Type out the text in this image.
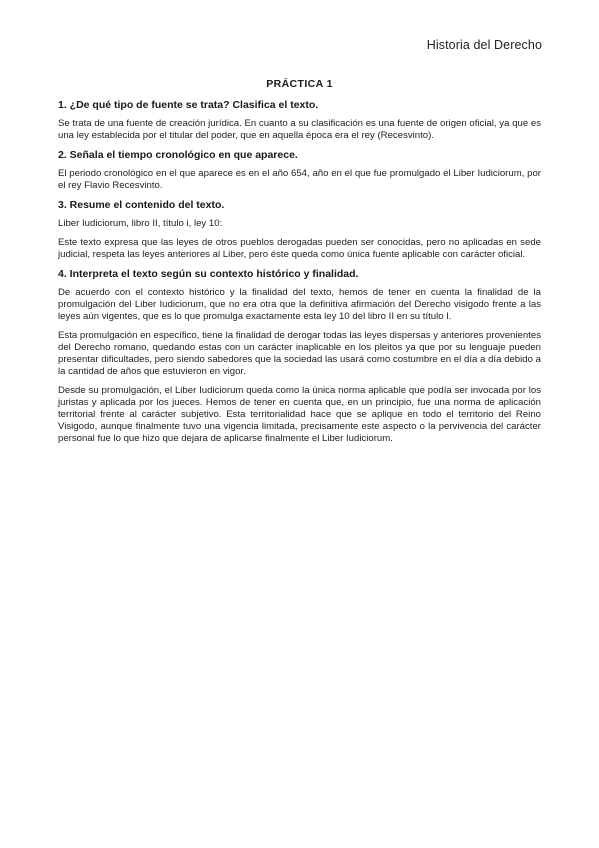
Historia del Derecho
PRÁCTICA 1
1. ¿De qué tipo de fuente se trata? Clasifica el texto.
Se trata de una fuente de creación jurídica. En cuanto a su clasificación es una fuente de origen oficial, ya que es una ley establecida por el titular del poder, que en aquella época era el rey (Recesvinto).
2. Señala el tiempo cronológico en que aparece.
El periodo cronológico en el que aparece es en el año 654, año en el que fue promulgado el Liber Iudiciorum, por el rey Flavio Recesvinto.
3. Resume el contenido del texto.
Liber Iudiciorum, libro II, título i, ley 10:
Este texto expresa que las leyes de otros pueblos derogadas pueden ser conocidas, pero no aplicadas en sede judicial, respeta las leyes anteriores al Liber, pero éste queda como única fuente aplicable con carácter oficial.
4. Interpreta el texto según su contexto histórico y finalidad.
De acuerdo con el contexto histórico y la finalidad del texto, hemos de tener en cuenta la finalidad de la promulgación del Liber Iudiciorum, que no era otra que la definitiva afirmación del Derecho visigodo frente a las leyes aún vigentes, que es lo que promulga exactamente esta ley 10 del libro II en su título I.
Esta promulgación en específico, tiene la finalidad de derogar todas las leyes dispersas y anteriores provenientes del Derecho romano, quedando estas con un carácter inaplicable en los pleitos ya que por su lenguaje pueden presentar dificultades, pero siendo sabedores que la sociedad las usará como costumbre en el día a día debido a la cantidad de años que estuvieron en vigor.
Desde su promulgación, el Liber Iudiciorum queda como la única norma aplicable que podía ser invocada por los juristas y aplicada por los jueces. Hemos de tener en cuenta que, en un principio, fue una norma de aplicación territorial frente al carácter subjetivo. Esta territorialidad hace que se aplique en todo el territorio del Reino Visigodo, aunque finalmente tuvo una vigencia limitada, precisamente este aspecto o la pervivencia del carácter personal fue lo que hizo que dejara de aplicarse finalmente el Liber Iudiciorum.
